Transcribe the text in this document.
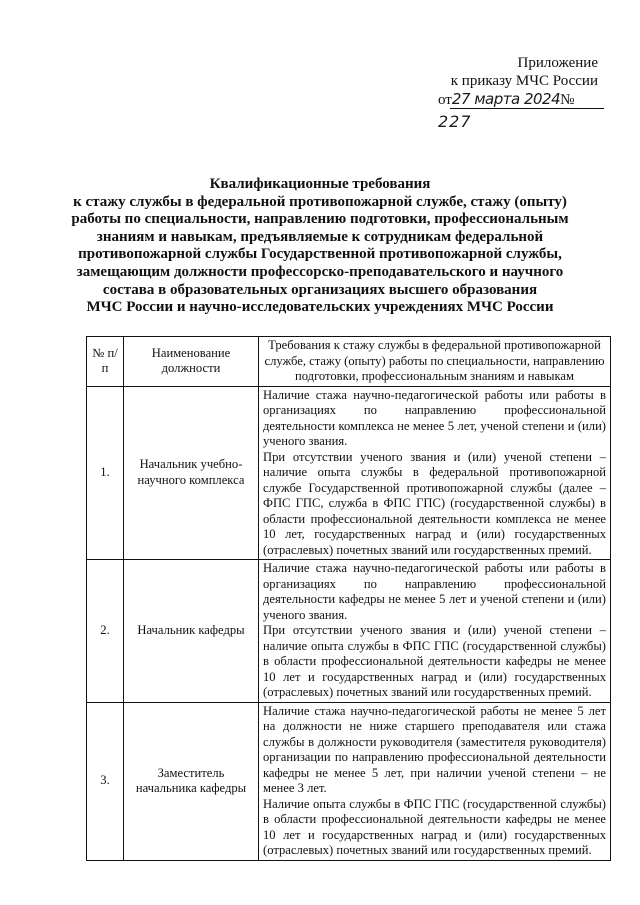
Приложение
к приказу МЧС России
от27 марта 2024№ 227
Квалификационные требования
к стажу службы в федеральной противопожарной службе, стажу (опыту)
работы по специальности, направлению подготовки, профессиональным
знаниям и навыкам, предъявляемые к сотрудникам федеральной
противопожарной службы Государственной противопожарной службы,
замещающим должности профессорско-преподавательского и научного
состава в образовательных организациях высшего образования
МЧС России и научно-исследовательских учреждениях МЧС России
№ п/п	Наименование должности	Требования к стажу службы в федеральной противопожарной службе, стажу (опыту) работы по специальности, направлению подготовки, профессиональным знаниям и навыкам
1.	Начальник учебно-научного комплекса	Наличие стажа научно-педагогической работы или работы в организациях по направлению профессиональной деятельности комплекса не менее 5 лет, ученой степени и (или) ученого звания.

При отсутствии ученого звания и (или) ученой степени – наличие опыта службы в федеральной противопожарной службе Государственной противопожарной службы (далее – ФПС ГПС, служба в ФПС ГПС) (государственной службы) в области профессиональной деятельности комплекса не менее 10 лет, государственных наград и (или) государственных (отраслевых) почетных званий или государственных премий.

2.	Начальник кафедры	Наличие стажа научно-педагогической работы или работы в организациях по направлению профессиональной деятельности кафедры не менее 5 лет и ученой степени и (или) ученого звания.

При отсутствии ученого звания и (или) ученой степени – наличие опыта службы в ФПС ГПС (государственной службы) в области профессиональной деятельности кафедры не менее 10 лет и государственных наград и (или) государственных (отраслевых) почетных званий или государственных премий.

3.	Заместитель начальника кафедры	Наличие стажа научно-педагогической работы не менее 5 лет на должности не ниже старшего преподавателя или стажа службы в должности руководителя (заместителя руководителя) организации по направлению профессиональной деятельности кафедры не менее 5 лет, при наличии ученой степени – не менее 3 лет.

Наличие опыта службы в ФПС ГПС (государственной службы) в области профессиональной деятельности кафедры не менее 10 лет и государственных наград и (или) государственных (отраслевых) почетных званий или государственных премий.
